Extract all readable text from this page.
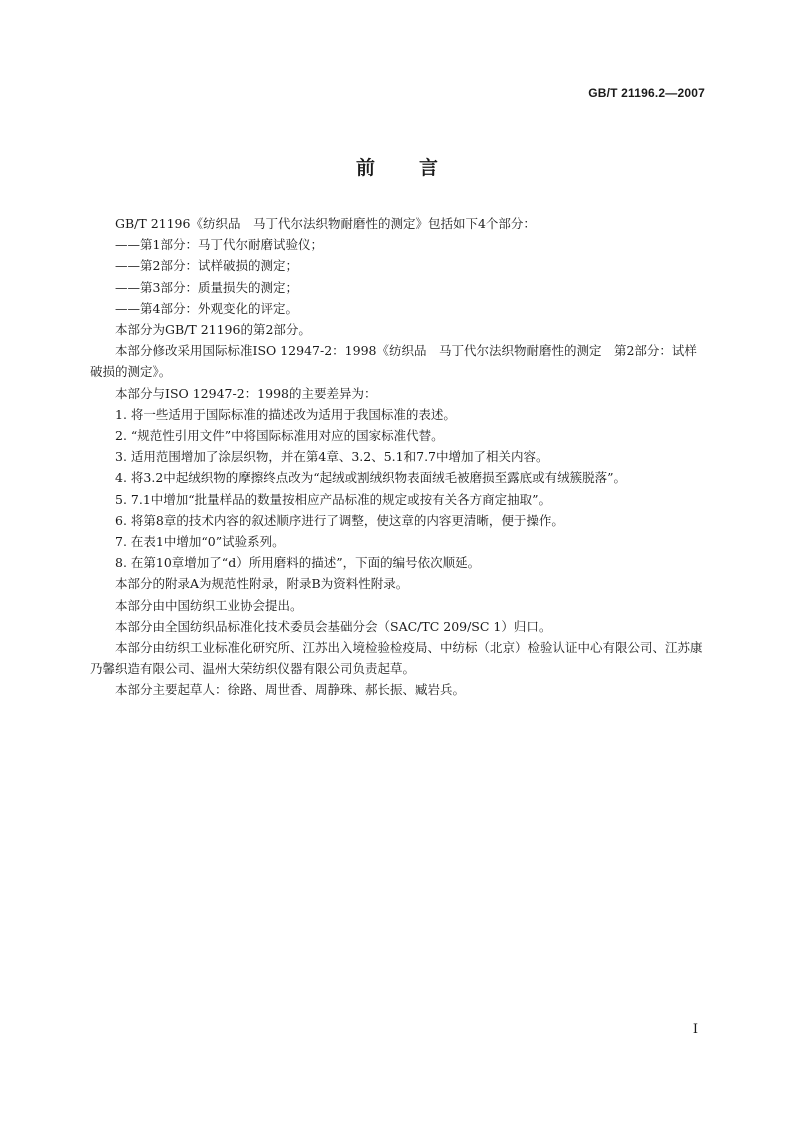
GB/T 21196.2—2007
前 言

GB/T 21196《纺织品　马丁代尔法织物耐磨性的测定》包括如下4个部分：

——第1部分：马丁代尔耐磨试验仪；

——第2部分：试样破损的测定；

——第3部分：质量损失的测定；

——第4部分：外观变化的评定。

本部分为GB/T 21196的第2部分。

本部分修改采用国际标准ISO 12947-2：1998《纺织品　马丁代尔法织物耐磨性的测定　第2部分：试样破损的测定》。

本部分与ISO 12947-2：1998的主要差异为：

1. 将一些适用于国际标准的描述改为适用于我国标准的表述。

2. “规范性引用文件”中将国际标准用对应的国家标准代替。

3. 适用范围增加了涂层织物，并在第4章、3.2、5.1和7.7中增加了相关内容。

4. 将3.2中起绒织物的摩擦终点改为“起绒或割绒织物表面绒毛被磨损至露底或有绒簇脱落”。

5. 7.1中增加“批量样品的数量按相应产品标准的规定或按有关各方商定抽取”。

6. 将第8章的技术内容的叙述顺序进行了调整，使这章的内容更清晰，便于操作。

7. 在表1中增加“0”试验系列。

8. 在第10章增加了“d）所用磨料的描述”，下面的编号依次顺延。

本部分的附录A为规范性附录，附录B为资料性附录。

本部分由中国纺织工业协会提出。

本部分由全国纺织品标准化技术委员会基础分会（SAC/TC 209/SC 1）归口。

本部分由纺织工业标准化研究所、江苏出入境检验检疫局、中纺标（北京）检验认证中心有限公司、江苏康乃馨织造有限公司、温州大荣纺织仪器有限公司负责起草。

本部分主要起草人：徐路、周世香、周静珠、郝长振、臧岩兵。

I
